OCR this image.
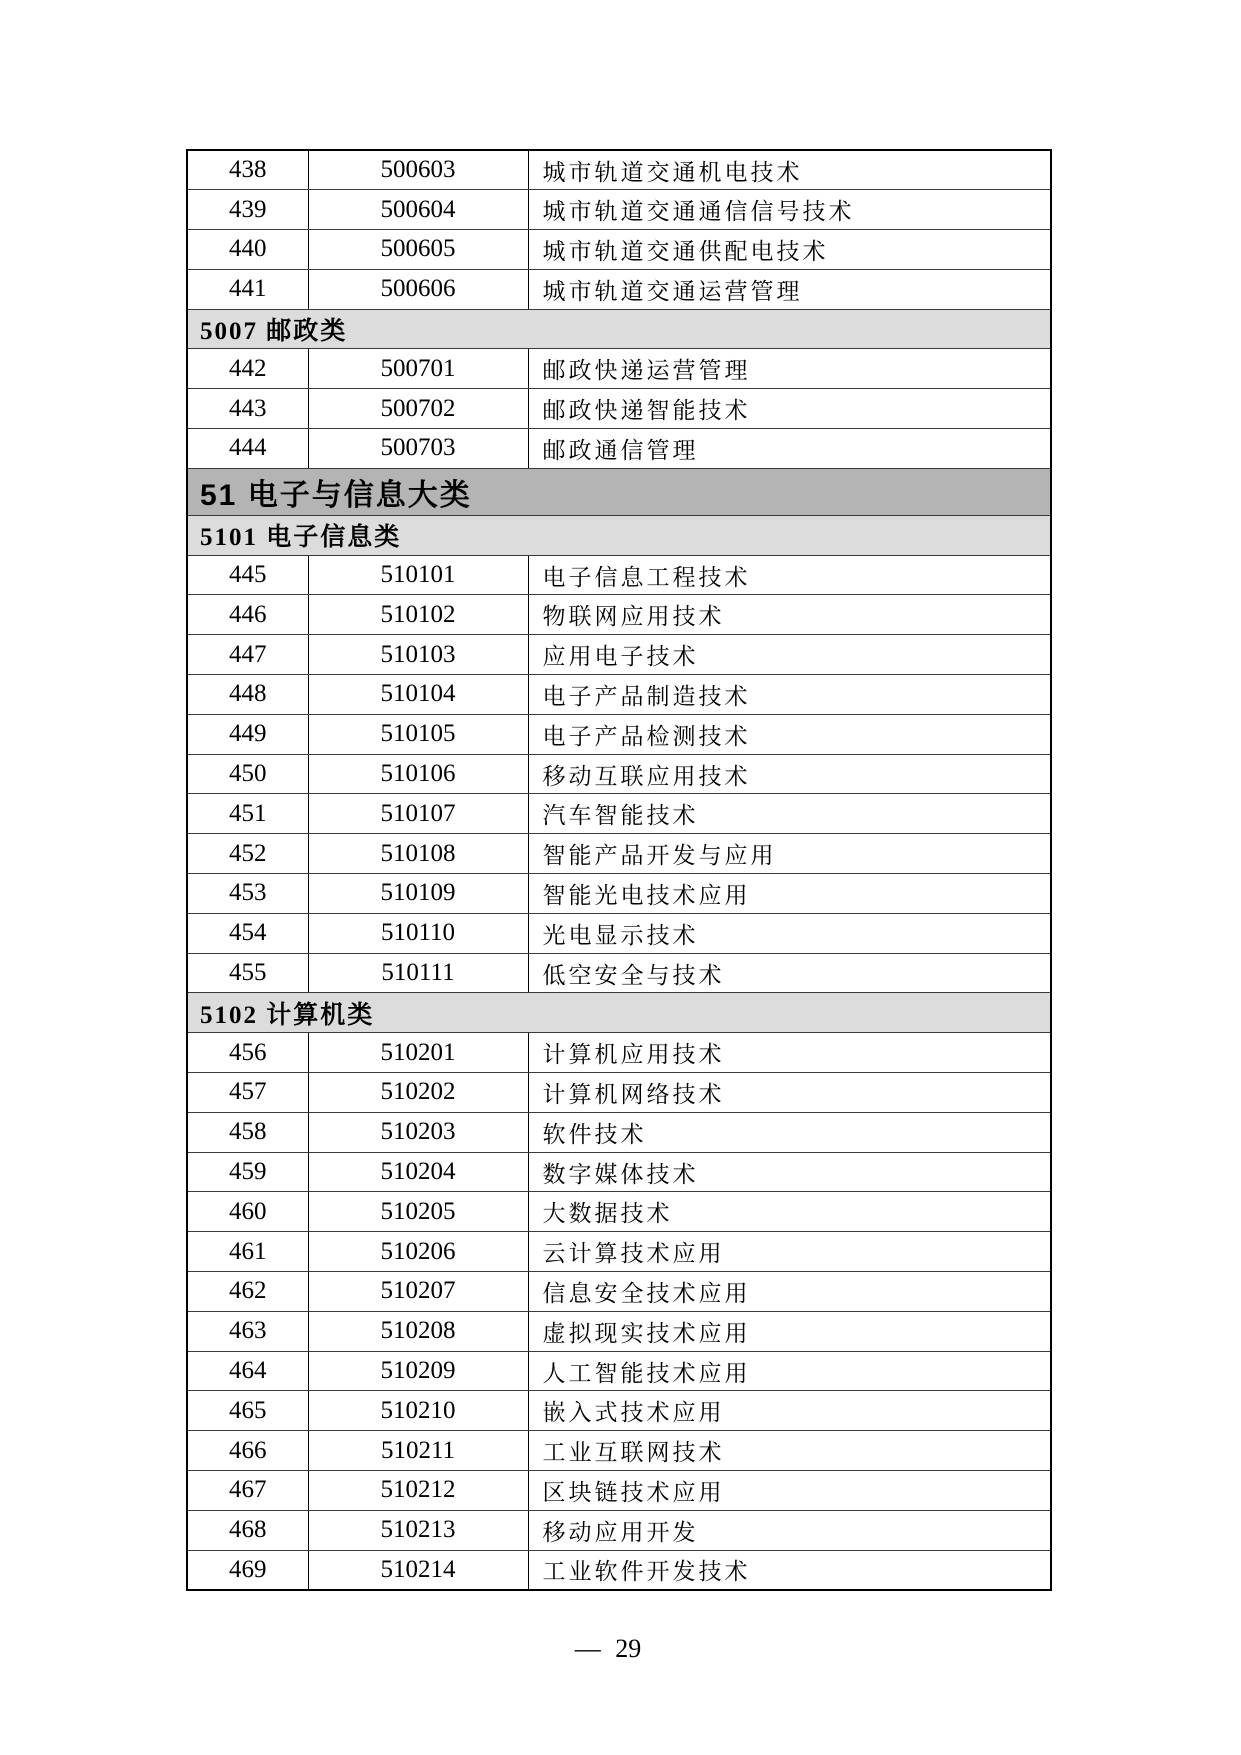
438	500603	城市轨道交通机电技术
439	500604	城市轨道交通通信信号技术
440	500605	城市轨道交通供配电技术
441	500606	城市轨道交通运营管理
5007 邮政类		
442	500701	邮政快递运营管理
443	500702	邮政快递智能技术
444	500703	邮政通信管理
51 电子与信息大类		
5101 电子信息类		
445	510101	电子信息工程技术
446	510102	物联网应用技术
447	510103	应用电子技术
448	510104	电子产品制造技术
449	510105	电子产品检测技术
450	510106	移动互联应用技术
451	510107	汽车智能技术
452	510108	智能产品开发与应用
453	510109	智能光电技术应用
454	510110	光电显示技术
455	510111	低空安全与技术
5102 计算机类		
456	510201	计算机应用技术
457	510202	计算机网络技术
458	510203	软件技术
459	510204	数字媒体技术
460	510205	大数据技术
461	510206	云计算技术应用
462	510207	信息安全技术应用
463	510208	虚拟现实技术应用
464	510209	人工智能技术应用
465	510210	嵌入式技术应用
466	510211	工业互联网技术
467	510212	区块链技术应用
468	510213	移动应用开发
469	510214	工业软件开发技术
— 29
